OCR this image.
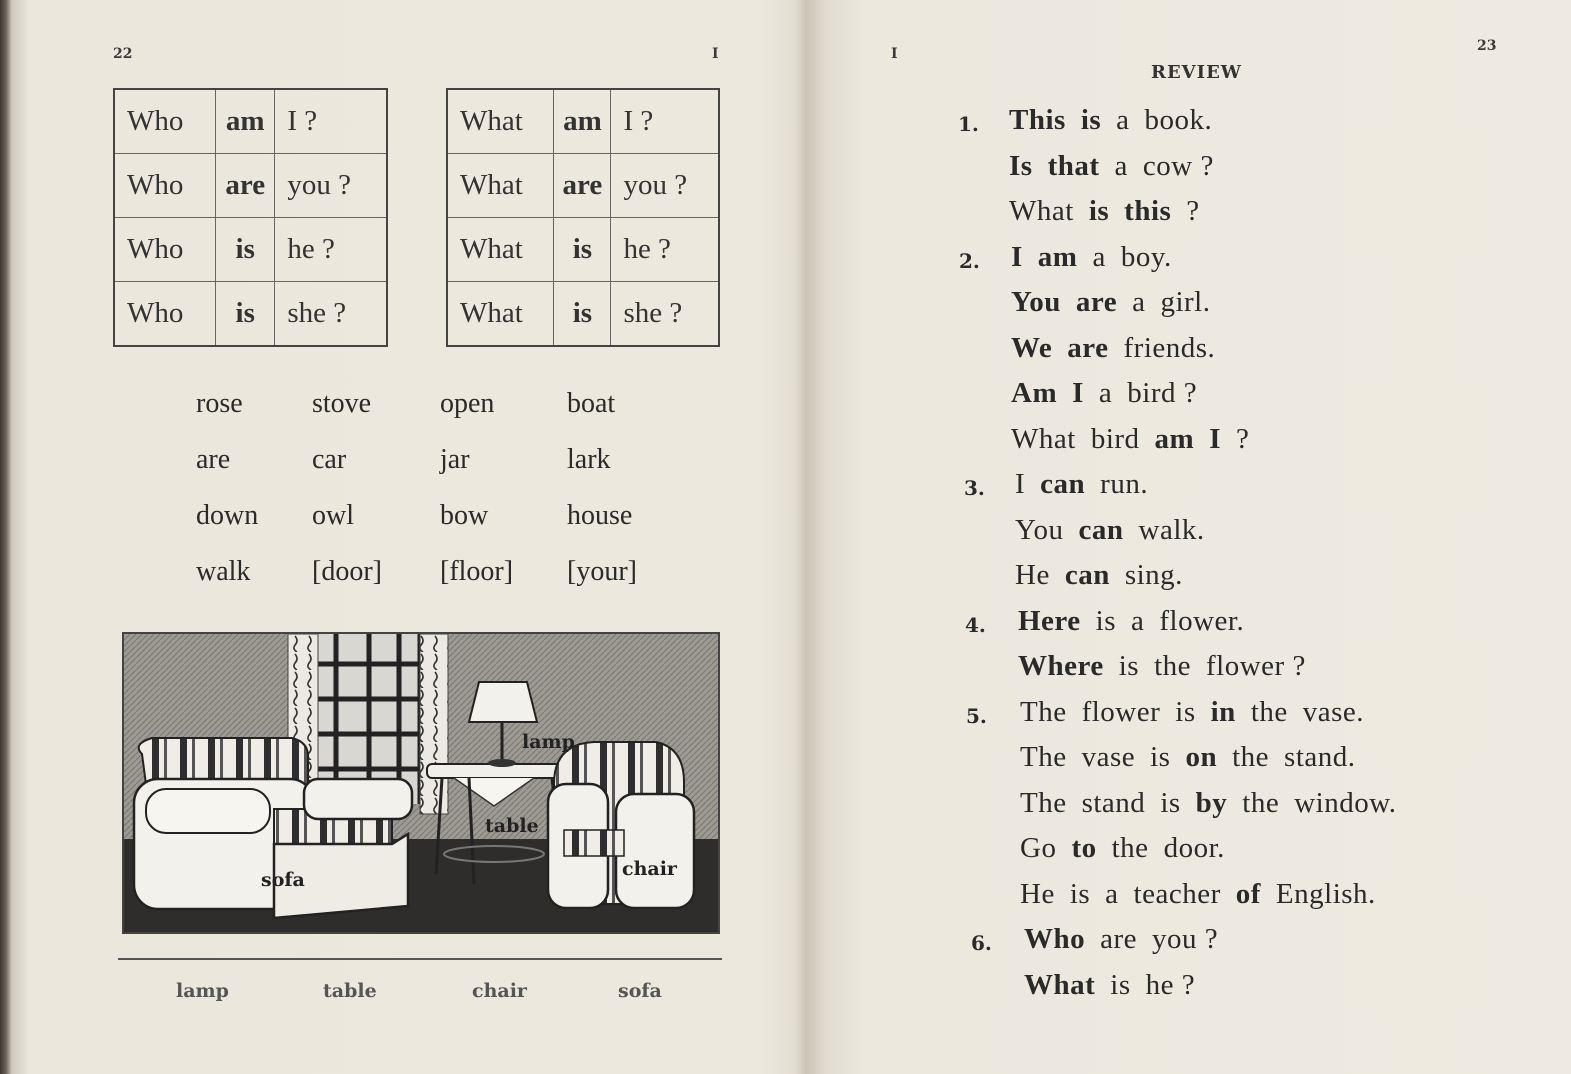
22	I
Who	am	I ?
Who	are	you ?
Who	is	he ?
Who	is	she ?
What	am	I ?
What	are	you ?
What	is	he ?
What	is	she ?
rose stove open	boat
are	car	jar	lark
down owl	bow	house
walk [door] [floor] [your]
lamp
table
sofa	chair
lamp	table	chair	sofa
I	23
REVIEW
1. This  is  a  book.
Is  that  a  cow ?
What  is  this  ?
2. I  am  a  boy.
You  are  a  girl.
We  are  friends.
Am  I  a  bird ?
What  bird  am  I  ?
3. I  can  run.
You  can  walk.
He  can  sing.
4. Here  is  a  flower.
Where  is  the  flower ?
5. The  flower  is  in  the  vase.
The  vase  is  on  the  stand.
The  stand  is  by  the  window.
Go  to  the  door.
He  is  a  teacher  of  English.
6. Who  are  you ?
What  is  he ?
